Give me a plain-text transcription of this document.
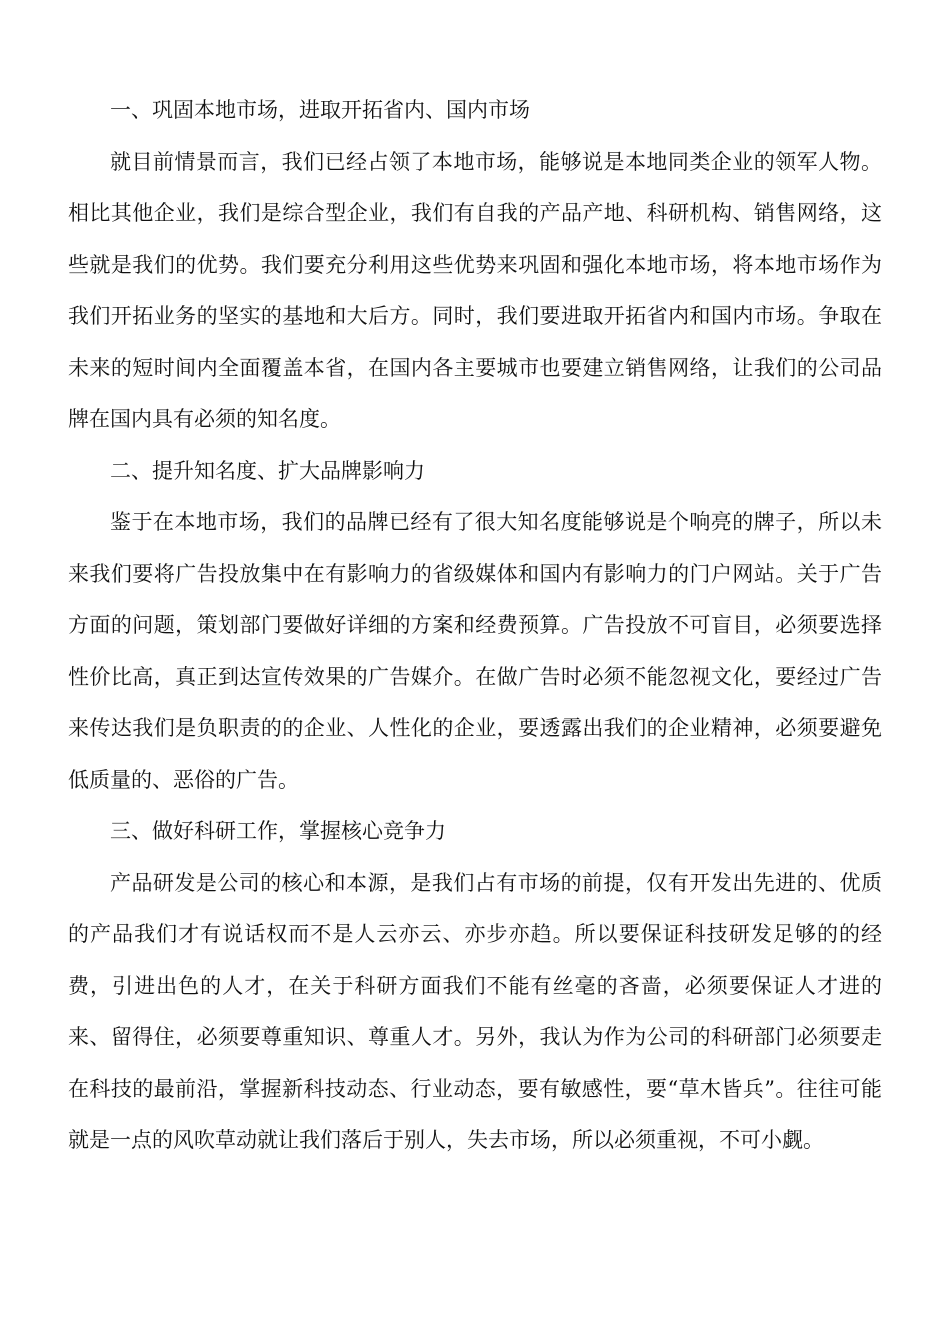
一、巩固本地市场，进取开拓省内、国内市场

就目前情景而言，我们已经占领了本地市场，能够说是本地同类企业的领军人物。相比其他企业，我们是综合型企业，我们有自我的产品产地、科研机构、销售网络，这些就是我们的优势。我们要充分利用这些优势来巩固和强化本地市场，将本地市场作为我们开拓业务的坚实的基地和大后方。同时，我们要进取开拓省内和国内市场。争取在未来的短时间内全面覆盖本省，在国内各主要城市也要建立销售网络，让我们的公司品牌在国内具有必须的知名度。

二、提升知名度、扩大品牌影响力

鉴于在本地市场，我们的品牌已经有了很大知名度能够说是个响亮的牌子，所以未来我们要将广告投放集中在有影响力的省级媒体和国内有影响力的门户网站。关于广告方面的问题，策划部门要做好详细的方案和经费预算。广告投放不可盲目，必须要选择性价比高，真正到达宣传效果的广告媒介。在做广告时必须不能忽视文化，要经过广告来传达我们是负职责的的企业、人性化的企业，要透露出我们的企业精神，必须要避免低质量的、恶俗的广告。

三、做好科研工作，掌握核心竞争力

产品研发是公司的核心和本源，是我们占有市场的前提，仅有开发出先进的、优质的产品我们才有说话权而不是人云亦云、亦步亦趋。所以要保证科技研发足够的的经费，引进出色的人才，在关于科研方面我们不能有丝毫的吝啬，必须要保证人才进的来、留得住，必须要尊重知识、尊重人才。另外，我认为作为公司的科研部门必须要走在科技的最前沿，掌握新科技动态、行业动态，要有敏感性，要“草木皆兵”。往往可能就是一点的风吹草动就让我们落后于别人，失去市场，所以必须重视，不可小觑。
